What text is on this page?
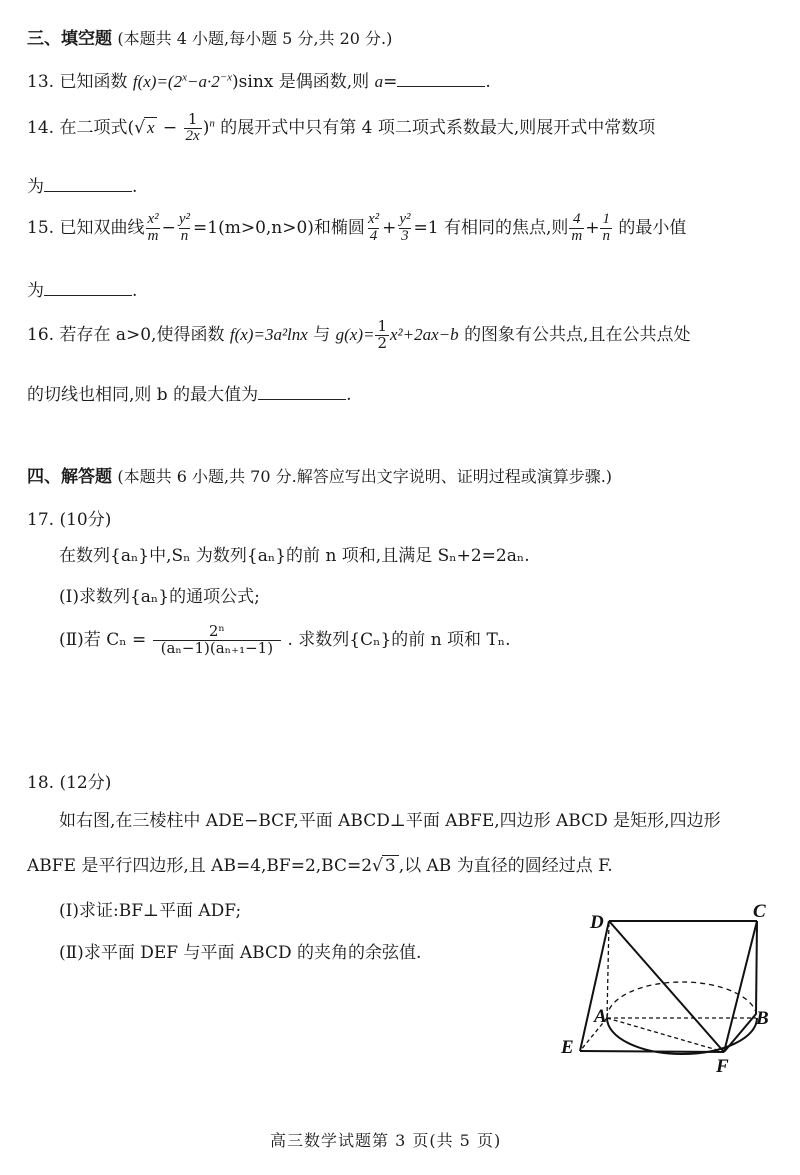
三、填空题 (本题共 4 小题,每小题 5 分,共 20 分.)
13. 已知函数 $f(x)=(2^x-a\cdot 2^{-x})\sin x$ 是偶函数,则 a=	.
14. 在二项式(√ $x - \frac{1}{2x} )^n$ 的展开式中只有第 4 项二项式系数最大,则展开式中常数项
为	.
15. 已知双曲线 $\frac{\text{x²}}{m} - \frac{\text{y²}}{n} =1(m>0,n>0)$和椭圆 $\frac{\text{x²}}{4} + \frac{\text{y²}}{3} =1$ 有相同的焦点,则 $\frac{4}{m} + \frac{1}{n}$ 的最小值
为	.
16. 若存在 a>0,使得函数 f(x)=3a²lnx 与 $g(x)= \frac{1}{2} x^2+2ax-b$ 的图象有公共点,且在公共点处
的切线也相同,则 b 的最大值为	.
四、解答题 (本题共 6 小题,共 70 分.解答应写出文字说明、证明过程或演算步骤.)
17. (10分)
在数列{aₙ}中,Sₙ 为数列{aₙ}的前 n 项和,且满足 Sₙ+2=2aₙ.
(Ⅰ)求数列{aₙ}的通项公式;
(Ⅱ)若 $C_n = \frac{\text{2ⁿ}}{\text{(aₙ−1)(aₙ₊₁−1)}}$ . 求数列{Cₙ}的前 n 项和 Tₙ.
18. (12分)
如右图,在三棱柱中 ADE−BCF,平面 ABCD⊥平面 ABFE,四边形 ABCD 是矩形,四边形
ABFE 是平行四边形,且 AB=4,BF=2,BC=2√ 3 ,以 AB 为直径的圆经过点 F.
(Ⅰ)求证:BF⊥平面 ADF;
(Ⅱ)求平面 DEF 与平面 ABCD 的夹角的余弦值.
D
C
A	B
E
F
高三数学试题第 3 页(共 5 页)
